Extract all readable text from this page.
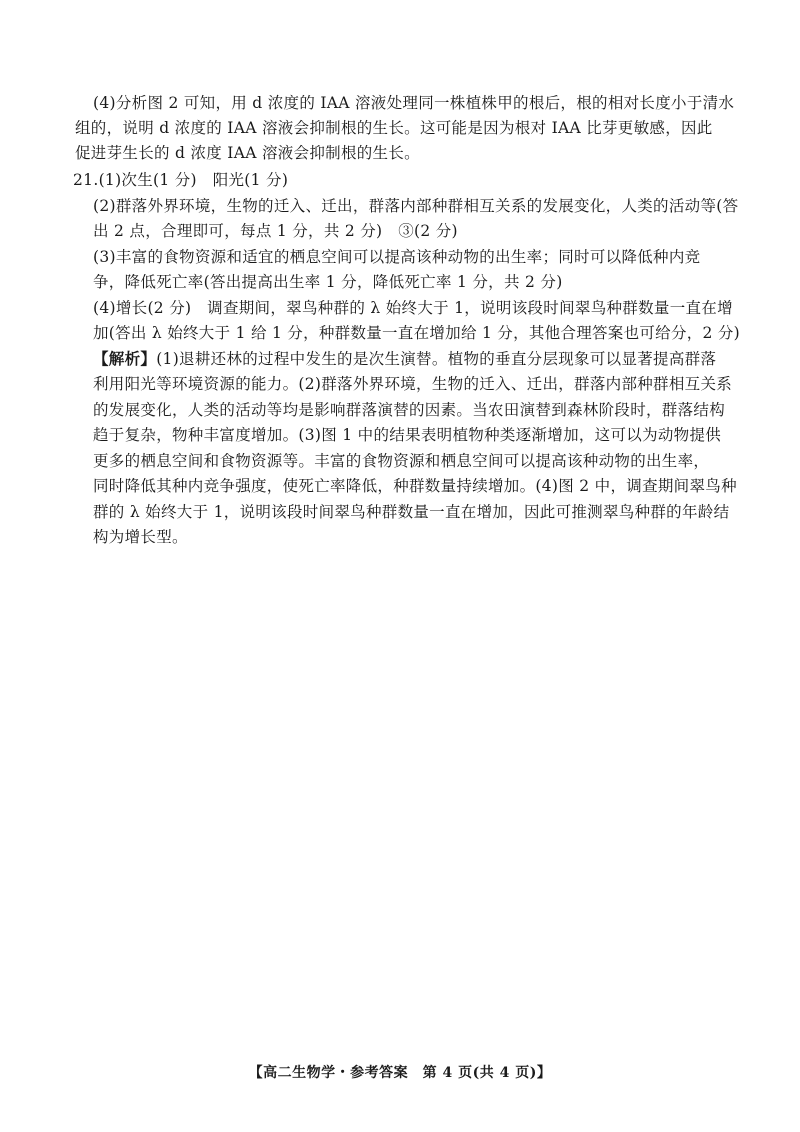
(4)分析图 2 可知，用 d 浓度的 IAA 溶液处理同一株植株甲的根后，根的相对长度小于清水
组的，说明 d 浓度的 IAA 溶液会抑制根的生长。这可能是因为根对 IAA 比芽更敏感，因此
促进芽生长的 d 浓度 IAA 溶液会抑制根的生长。
21.(1)次生(1 分)　阳光(1 分)
(2)群落外界环境，生物的迁入、迁出，群落内部种群相互关系的发展变化，人类的活动等(答
出 2 点，合理即可，每点 1 分，共 2 分)　③(2 分)
(3)丰富的食物资源和适宜的栖息空间可以提高该种动物的出生率；同时可以降低种内竞
争，降低死亡率(答出提高出生率 1 分，降低死亡率 1 分，共 2 分)
(4)增长(2 分)　调查期间，翠鸟种群的 λ 始终大于 1，说明该段时间翠鸟种群数量一直在增
加(答出 λ 始终大于 1 给 1 分，种群数量一直在增加给 1 分，其他合理答案也可给分，2 分)
【解析】(1)退耕还林的过程中发生的是次生演替。植物的垂直分层现象可以显著提高群落
利用阳光等环境资源的能力。(2)群落外界环境，生物的迁入、迁出，群落内部种群相互关系
的发展变化，人类的活动等均是影响群落演替的因素。当农田演替到森林阶段时，群落结构
趋于复杂，物种丰富度增加。(3)图 1 中的结果表明植物种类逐渐增加，这可以为动物提供
更多的栖息空间和食物资源等。丰富的食物资源和栖息空间可以提高该种动物的出生率，
同时降低其种内竞争强度，使死亡率降低，种群数量持续增加。(4)图 2 中，调查期间翠鸟种
群的 λ 始终大于 1，说明该段时间翠鸟种群数量一直在增加，因此可推测翠鸟种群的年龄结
构为增长型。
【高二生物学・参考答案　第 4 页(共 4 页)】
